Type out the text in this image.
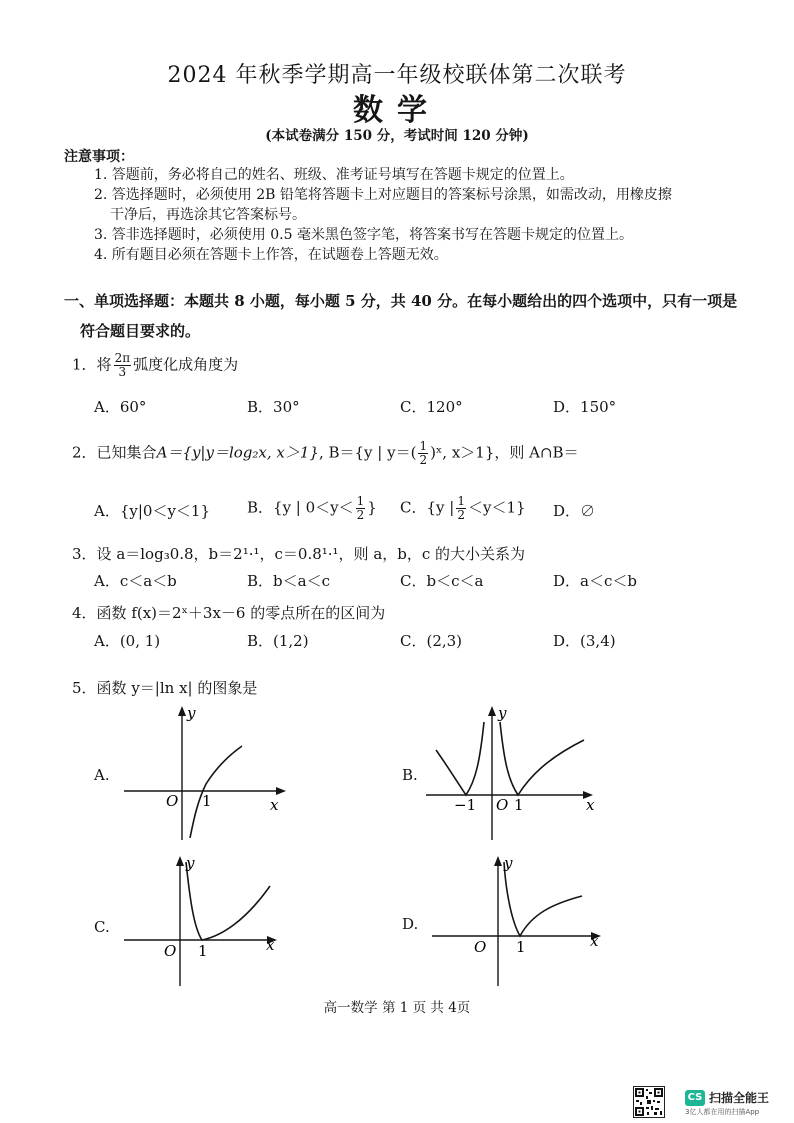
2024 年秋季学期高一年级校联体第二次联考
数学
(本试卷满分 150 分，考试时间 120 分钟)
注意事项：
1. 答题前，务必将自己的姓名、班级、准考证号填写在答题卡规定的位置上。
2. 答选择题时，必须使用 2B 铅笔将答题卡上对应题目的答案标号涂黑，如需改动，用橡皮擦
干净后，再选涂其它答案标号。
3. 答非选择题时，必须使用 0.5 毫米黑色签字笔，将答案书写在答题卡规定的位置上。
4. 所有题目必须在答题卡上作答，在试题卷上答题无效。
一、单项选择题：本题共 8 小题，每小题 5 分，共 40 分。在每小题给出的四个选项中，只有一项是
符合题目要求的。
1．将 $\frac{2\pi}{3}$ 弧度化成角度为
A．60°	B．30°	C．120°	D．150°
2．已知集合A＝{y|y＝log₂x, x＞1}, B＝{y | $y=( \frac{1}{2}$ )ˣ, x＞1}，则 A∩B＝
A．{y|0＜y＜1} B．{y | $0<y< \frac{1}{2}$ } C．{y | $\frac{1}{2} <y<1$} D．∅
3．设 a＝log₃0.8，b＝2¹·¹，c＝0.8¹·¹，则 a，b，c 的大小关系为
A．c＜a＜b	B．b＜a＜c	C．b＜c＜a	D．a＜c＜b
4．函数 f(x)＝2ˣ＋3x－6 的零点所在的区间为
A．(0, 1)	B．(1,2)	C．(2,3)	D．(3,4)
5．函数 y＝|ln x| 的图象是
A.
y
x
O 1
B.
y
x
O
−1	1
C.
y
x
O 1
D.
y
x
O 1
高一数学 第 1 页 共 4页
CS 扫描全能王
3亿人都在用的扫描App
